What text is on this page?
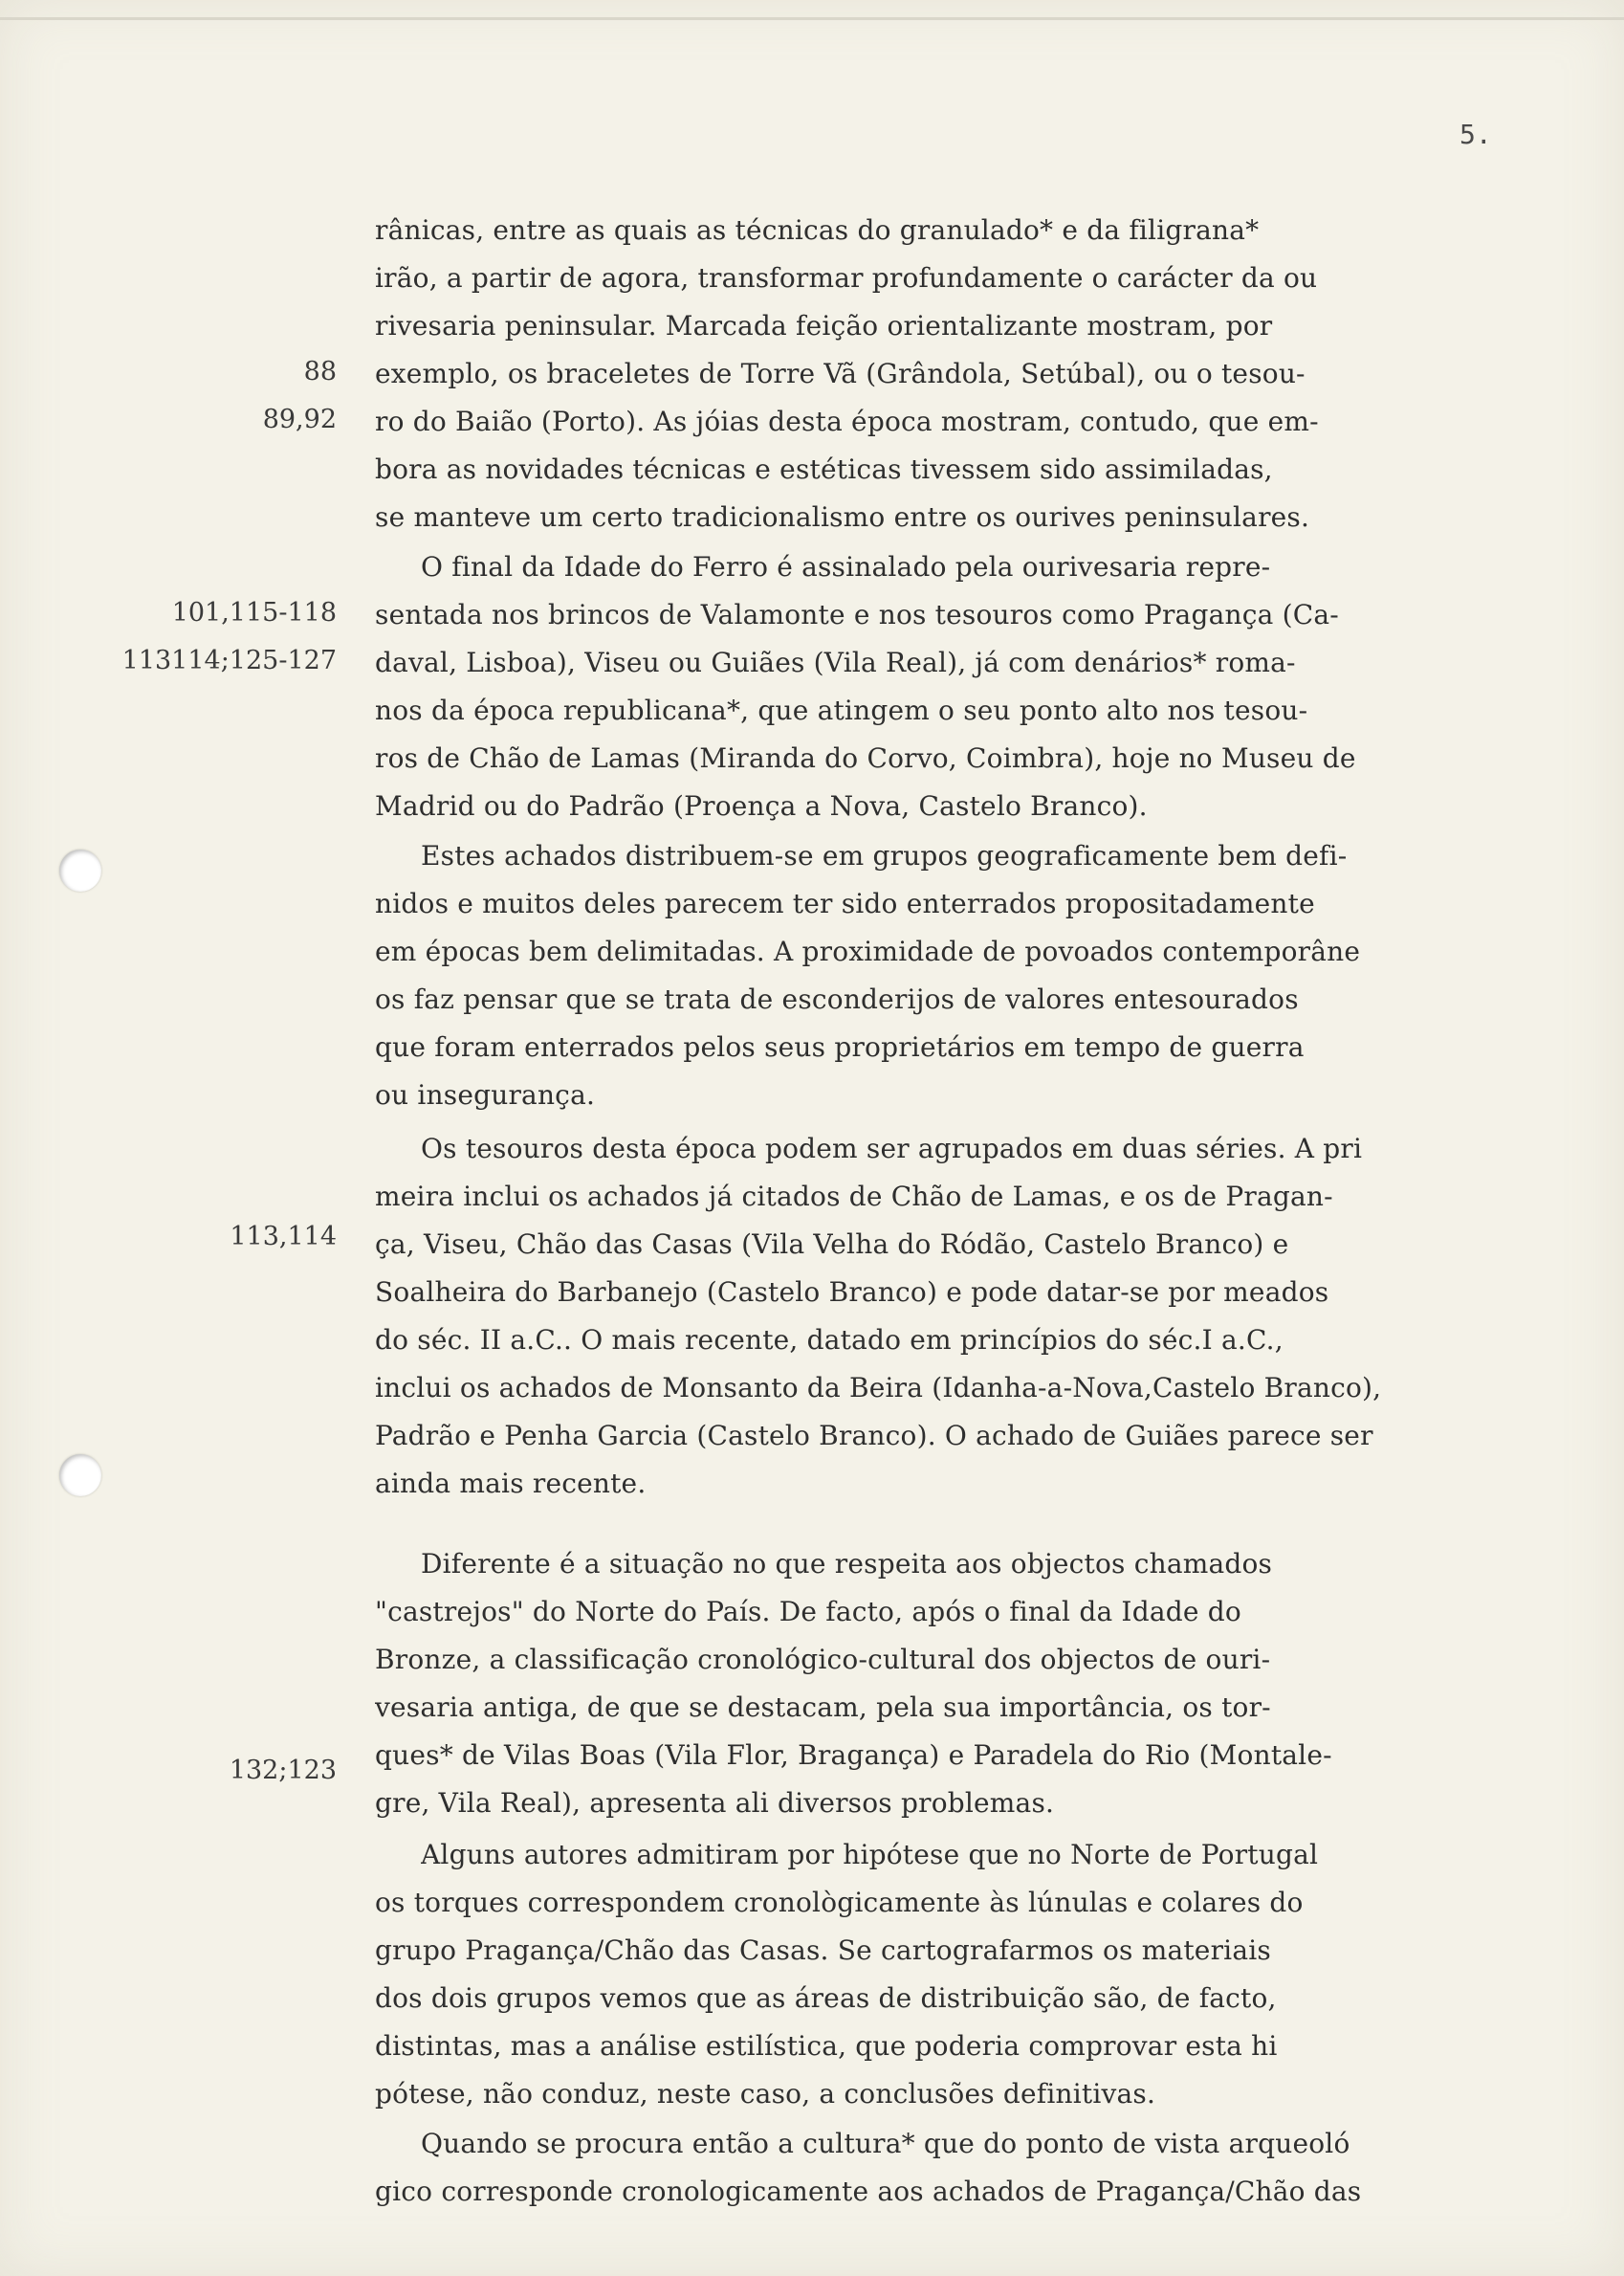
5.
88
89,92
101,115-118
113114;125-127
113,114
132;123
rânicas, entre as quais as técnicas do granulado* e da filigrana*
irão, a partir de agora, transformar profundamente o carácter da ou
rivesaria peninsular. Marcada feição orientalizante mostram, por
exemplo, os braceletes de Torre Vã (Grândola, Setúbal), ou o tesou-
ro do Baião (Porto). As jóias desta época mostram, contudo, que em-
bora as novidades técnicas e estéticas tivessem sido assimiladas,
se manteve um certo tradicionalismo entre os ourives peninsulares.
O final da Idade do Ferro é assinalado pela ourivesaria repre-
sentada nos brincos de Valamonte e nos tesouros como Pragança (Ca-
daval, Lisboa), Viseu ou Guiães (Vila Real), já com denários* roma-
nos da época republicana*, que atingem o seu ponto alto nos tesou-
ros de Chão de Lamas (Miranda do Corvo, Coimbra), hoje no Museu de
Madrid ou do Padrão (Proença a Nova, Castelo Branco).
Estes achados distribuem-se em grupos geograficamente bem defi-
nidos e muitos deles parecem ter sido enterrados propositadamente
em épocas bem delimitadas. A proximidade de povoados contemporâne
os faz pensar que se trata de esconderijos de valores entesourados
que foram enterrados pelos seus proprietários em tempo de guerra
ou insegurança.
Os tesouros desta época podem ser agrupados em duas séries. A pri
meira inclui os achados já citados de Chão de Lamas, e os de Pragan-
ça, Viseu, Chão das Casas (Vila Velha do Ródão, Castelo Branco) e
Soalheira do Barbanejo (Castelo Branco) e pode datar-se por meados
do séc. II a.C.. O mais recente, datado em princípios do séc.I a.C.,
inclui os achados de Monsanto da Beira (Idanha-a-Nova,Castelo Branco),
Padrão e Penha Garcia (Castelo Branco). O achado de Guiães parece ser
ainda mais recente.
Diferente é a situação no que respeita aos objectos chamados
"castrejos" do Norte do País. De facto, após o final da Idade do
Bronze, a classificação cronológico-cultural dos objectos de ouri-
vesaria antiga, de que se destacam, pela sua importância, os tor-
ques* de Vilas Boas (Vila Flor, Bragança) e Paradela do Rio (Montale-
gre, Vila Real), apresenta ali diversos problemas.
Alguns autores admitiram por hipótese que no Norte de Portugal
os torques correspondem cronològicamente às lúnulas e colares do
grupo Pragança/Chão das Casas. Se cartografarmos os materiais
dos dois grupos vemos que as áreas de distribuição são, de facto,
distintas, mas a análise estilística, que poderia comprovar esta hi
pótese, não conduz, neste caso, a conclusões definitivas.
Quando se procura então a cultura* que do ponto de vista arqueoló
gico corresponde cronologicamente aos achados de Pragança/Chão das
